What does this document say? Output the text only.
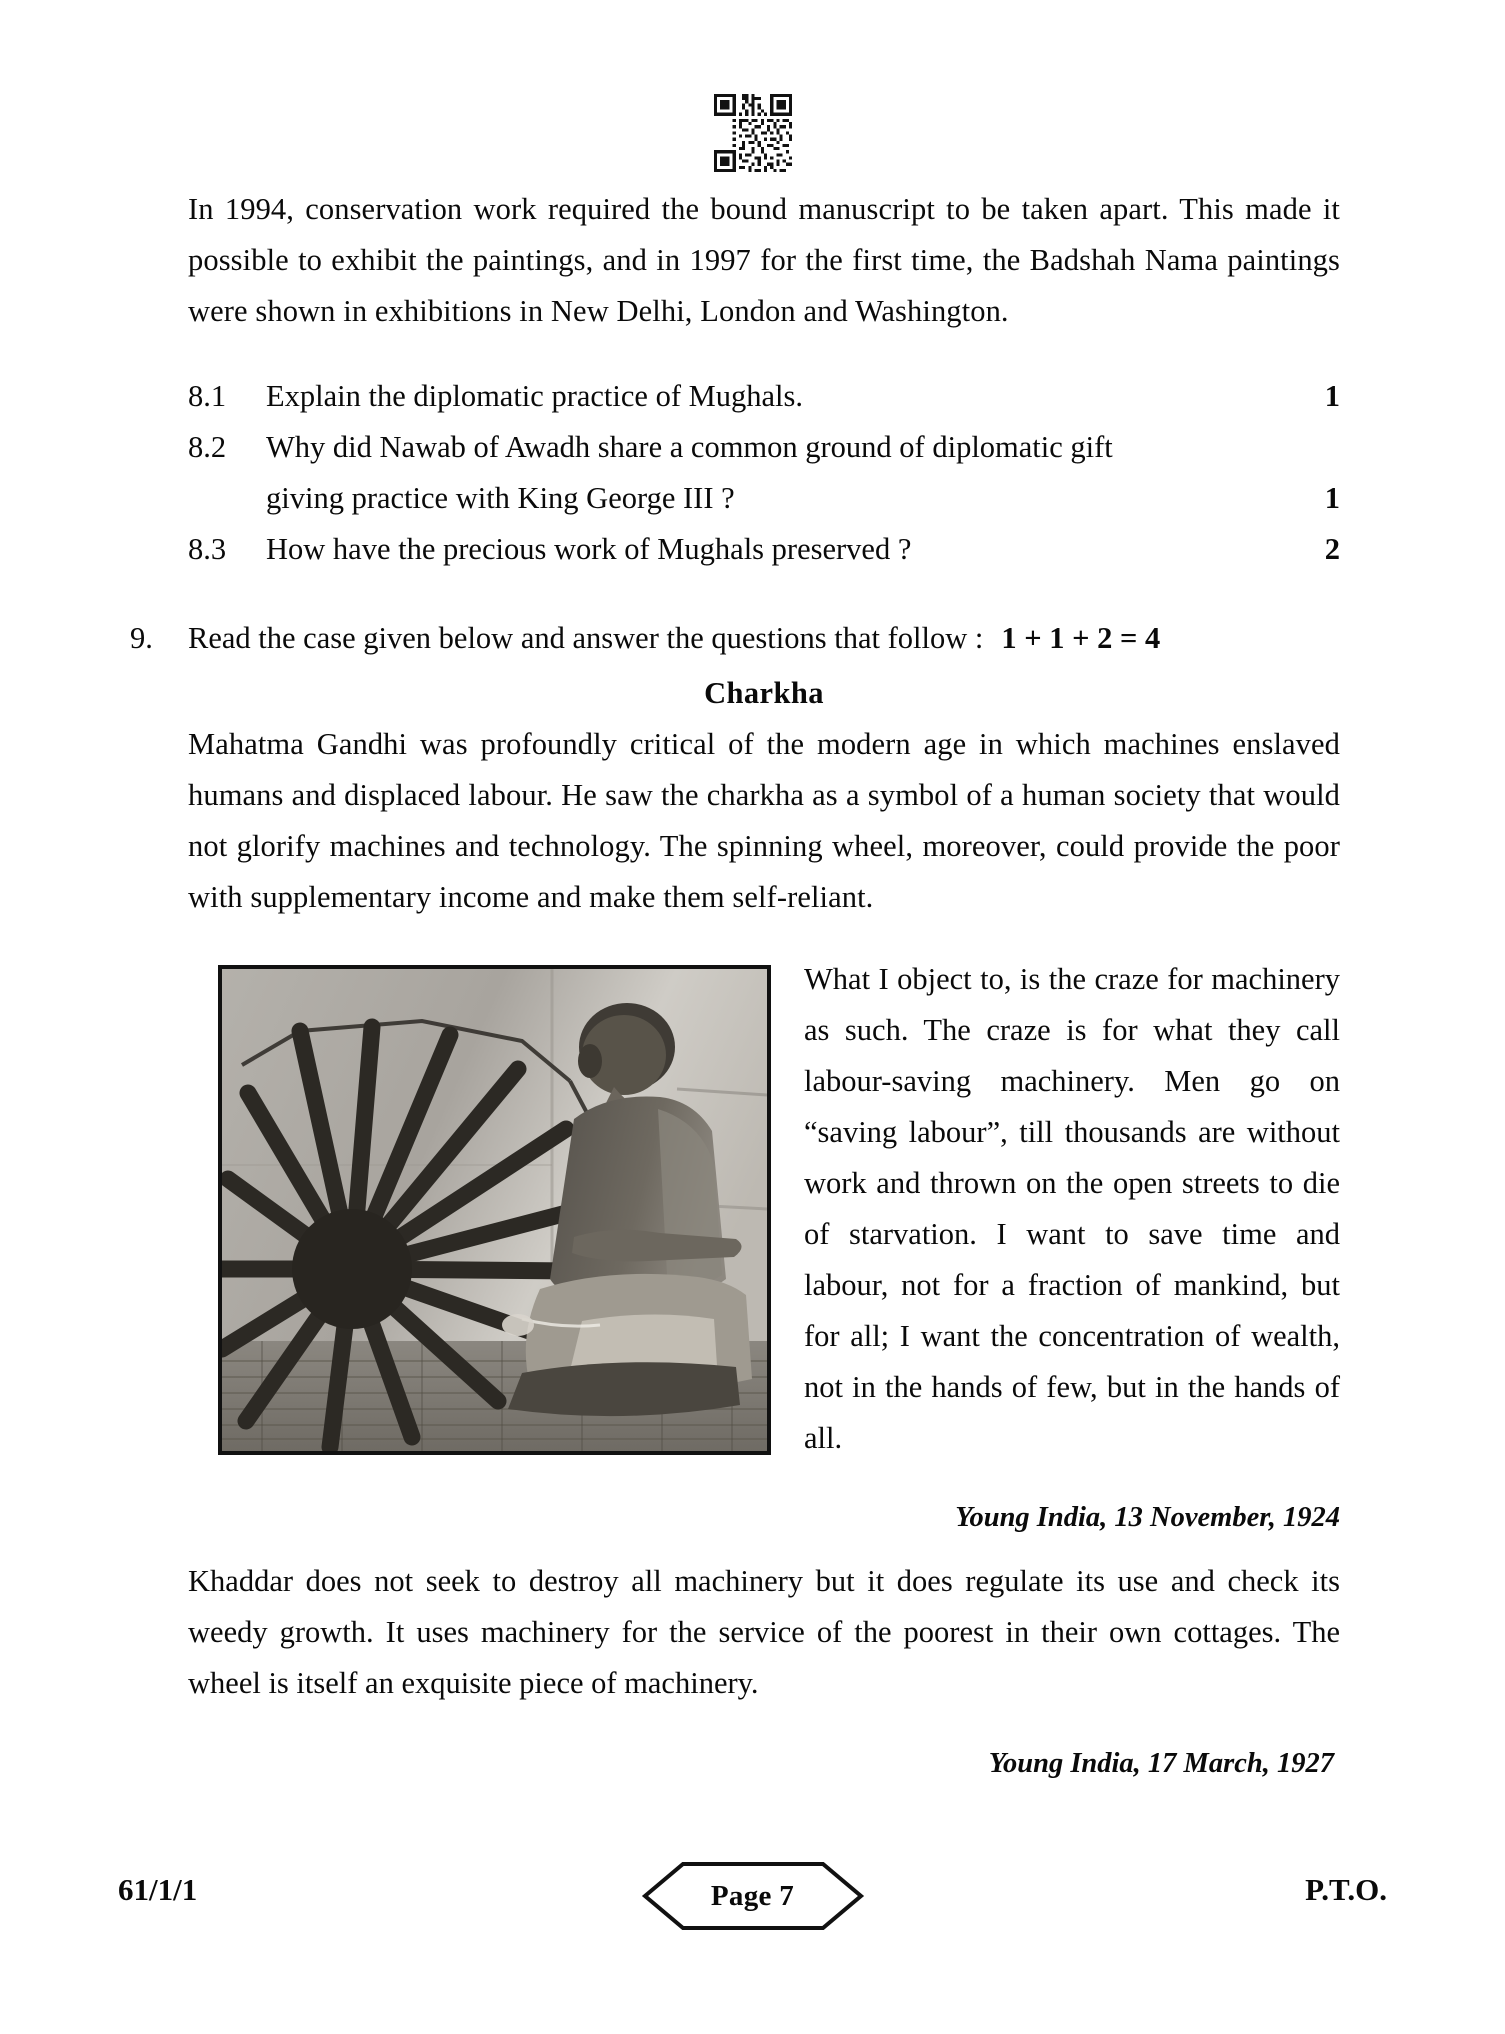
In 1994, conservation work required the bound manuscript to be taken apart. This made it possible to exhibit the paintings, and in 1997 for the first time, the Badshah Nama paintings were shown in exhibitions in New Delhi, London and Washington.

8.1	Explain the diplomatic practice of Mughals.	1
8.2	Why did Nawab of Awadh share a common ground of diplomatic gift

giving practice with King George III ?	1
8.3	How have the precious work of Mughals preserved ?	2
9.	Read the case given below and answer the questions that follow : 1 + 1 + 2 = 4
Charkha

Mahatma Gandhi was profoundly critical of the modern age in which machines enslaved humans and displaced labour. He saw the charkha as a symbol of a human society that would not glorify machines and technology. The spinning wheel, moreover, could provide the poor with supplementary income and make them self-reliant.

What I object to, is the craze for machinery as such. The craze is for what they call labour-saving machinery. Men go on “saving labour”, till thousands are without work and thrown on the open streets to die of starvation. I want to save time and labour, not for a fraction of mankind, but for all; I want the concentration of wealth, not in the hands of few, but in the hands of all.

Young India, 13 November, 1924

Khaddar does not seek to destroy all machinery but it does regulate its use and check its weedy growth. It uses machinery for the service of the poorest in their own cottages. The wheel is itself an exquisite piece of machinery.

Young India, 17 March, 1927
61/1/1	Page 7	P.T.O.
